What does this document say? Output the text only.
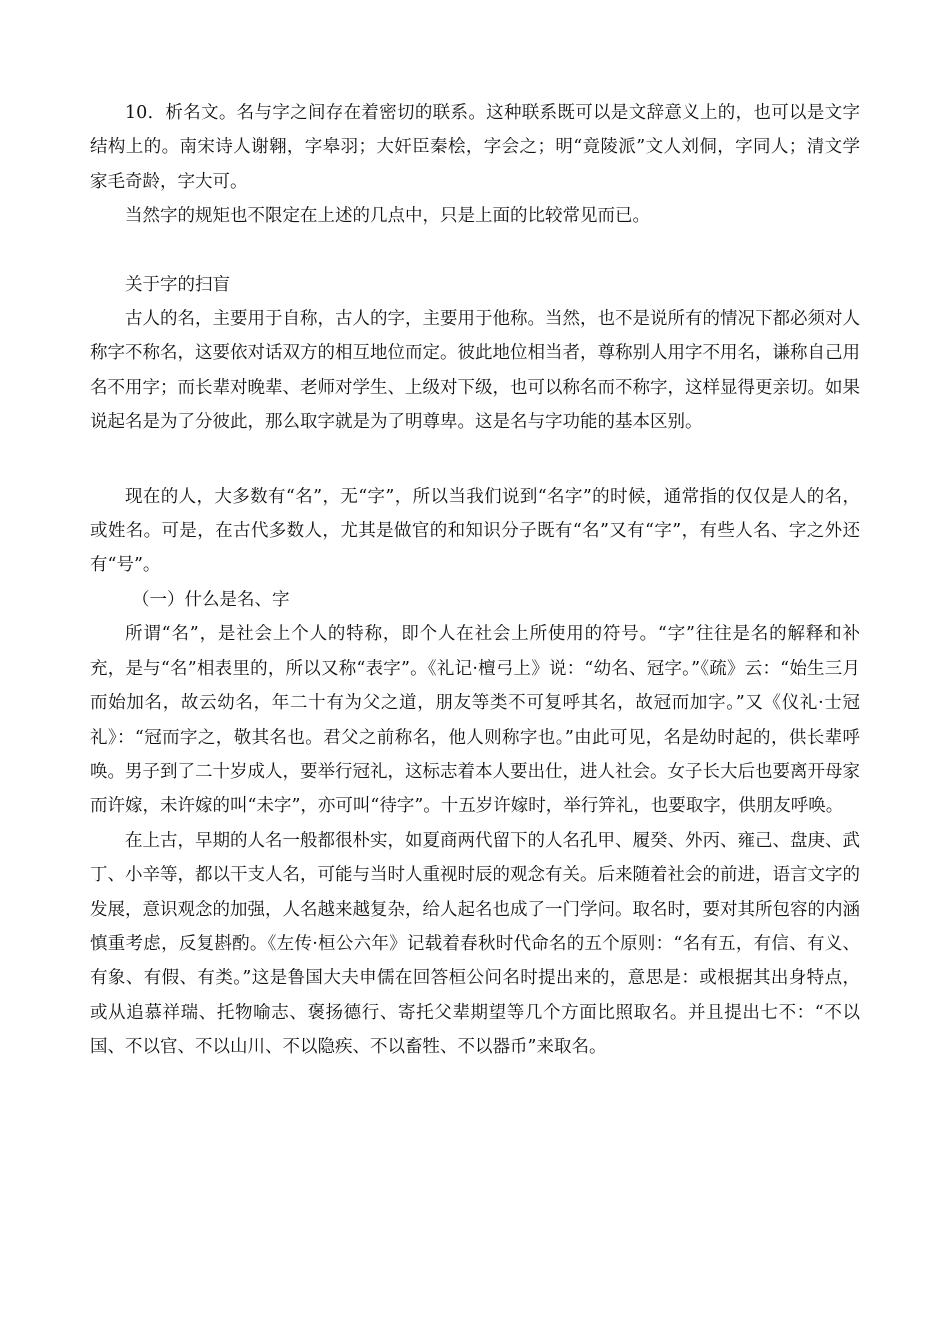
10．析名文。名与字之间存在着密切的联系。这种联系既可以是文辞意义上的，也可以是文字结构上的。南宋诗人谢翱，字皋羽；大奸臣秦桧，字会之；明“竟陵派”文人刘侗，字同人；清文学家毛奇龄，字大可。

当然字的规矩也不限定在上述的几点中，只是上面的比较常见而已。

关于字的扫盲

古人的名，主要用于自称，古人的字，主要用于他称。当然，也不是说所有的情况下都必须对人称字不称名，这要依对话双方的相互地位而定。彼此地位相当者，尊称别人用字不用名，谦称自己用名不用字；而长辈对晚辈、老师对学生、上级对下级，也可以称名而不称字，这样显得更亲切。如果说起名是为了分彼此，那么取字就是为了明尊卑。这是名与字功能的基本区别。

现在的人，大多数有“名”，无“字”，所以当我们说到“名字”的时候，通常指的仅仅是人的名，或姓名。可是，在古代多数人，尤其是做官的和知识分子既有“名”又有“字”，有些人名、字之外还有“号”。

（一）什么是名、字

所谓“名”，是社会上个人的特称，即个人在社会上所使用的符号。“字”往往是名的解释和补充，是与“名”相表里的，所以又称“表字”。《礼记·檀弓上》说：“幼名、冠字。”《疏》云：“始生三月而始加名，故云幼名，年二十有为父之道，朋友等类不可复呼其名，故冠而加字。”又《仪礼·士冠礼》：“冠而字之，敬其名也。君父之前称名，他人则称字也。”由此可见，名是幼时起的，供长辈呼唤。男子到了二十岁成人，要举行冠礼，这标志着本人要出仕，进人社会。女子长大后也要离开母家而许嫁，未许嫁的叫“未字”，亦可叫“待字”。十五岁许嫁时，举行笄礼，也要取字，供朋友呼唤。

在上古，早期的人名一般都很朴实，如夏商两代留下的人名孔甲、履癸、外丙、雍己、盘庚、武丁、小辛等，都以干支人名，可能与当时人重视时辰的观念有关。后来随着社会的前进，语言文字的发展，意识观念的加强，人名越来越复杂，给人起名也成了一门学问。取名时，要对其所包容的内涵慎重考虑，反复斟酌。《左传·桓公六年》记载着春秋时代命名的五个原则：“名有五，有信、有义、有象、有假、有类。”这是鲁国大夫申儒在回答桓公问名时提出来的，意思是：或根据其出身特点，或从追慕祥瑞、托物喻志、褒扬德行、寄托父辈期望等几个方面比照取名。并且提出七不：“不以国、不以官、不以山川、不以隐疾、不以畜牲、不以器币”来取名。
